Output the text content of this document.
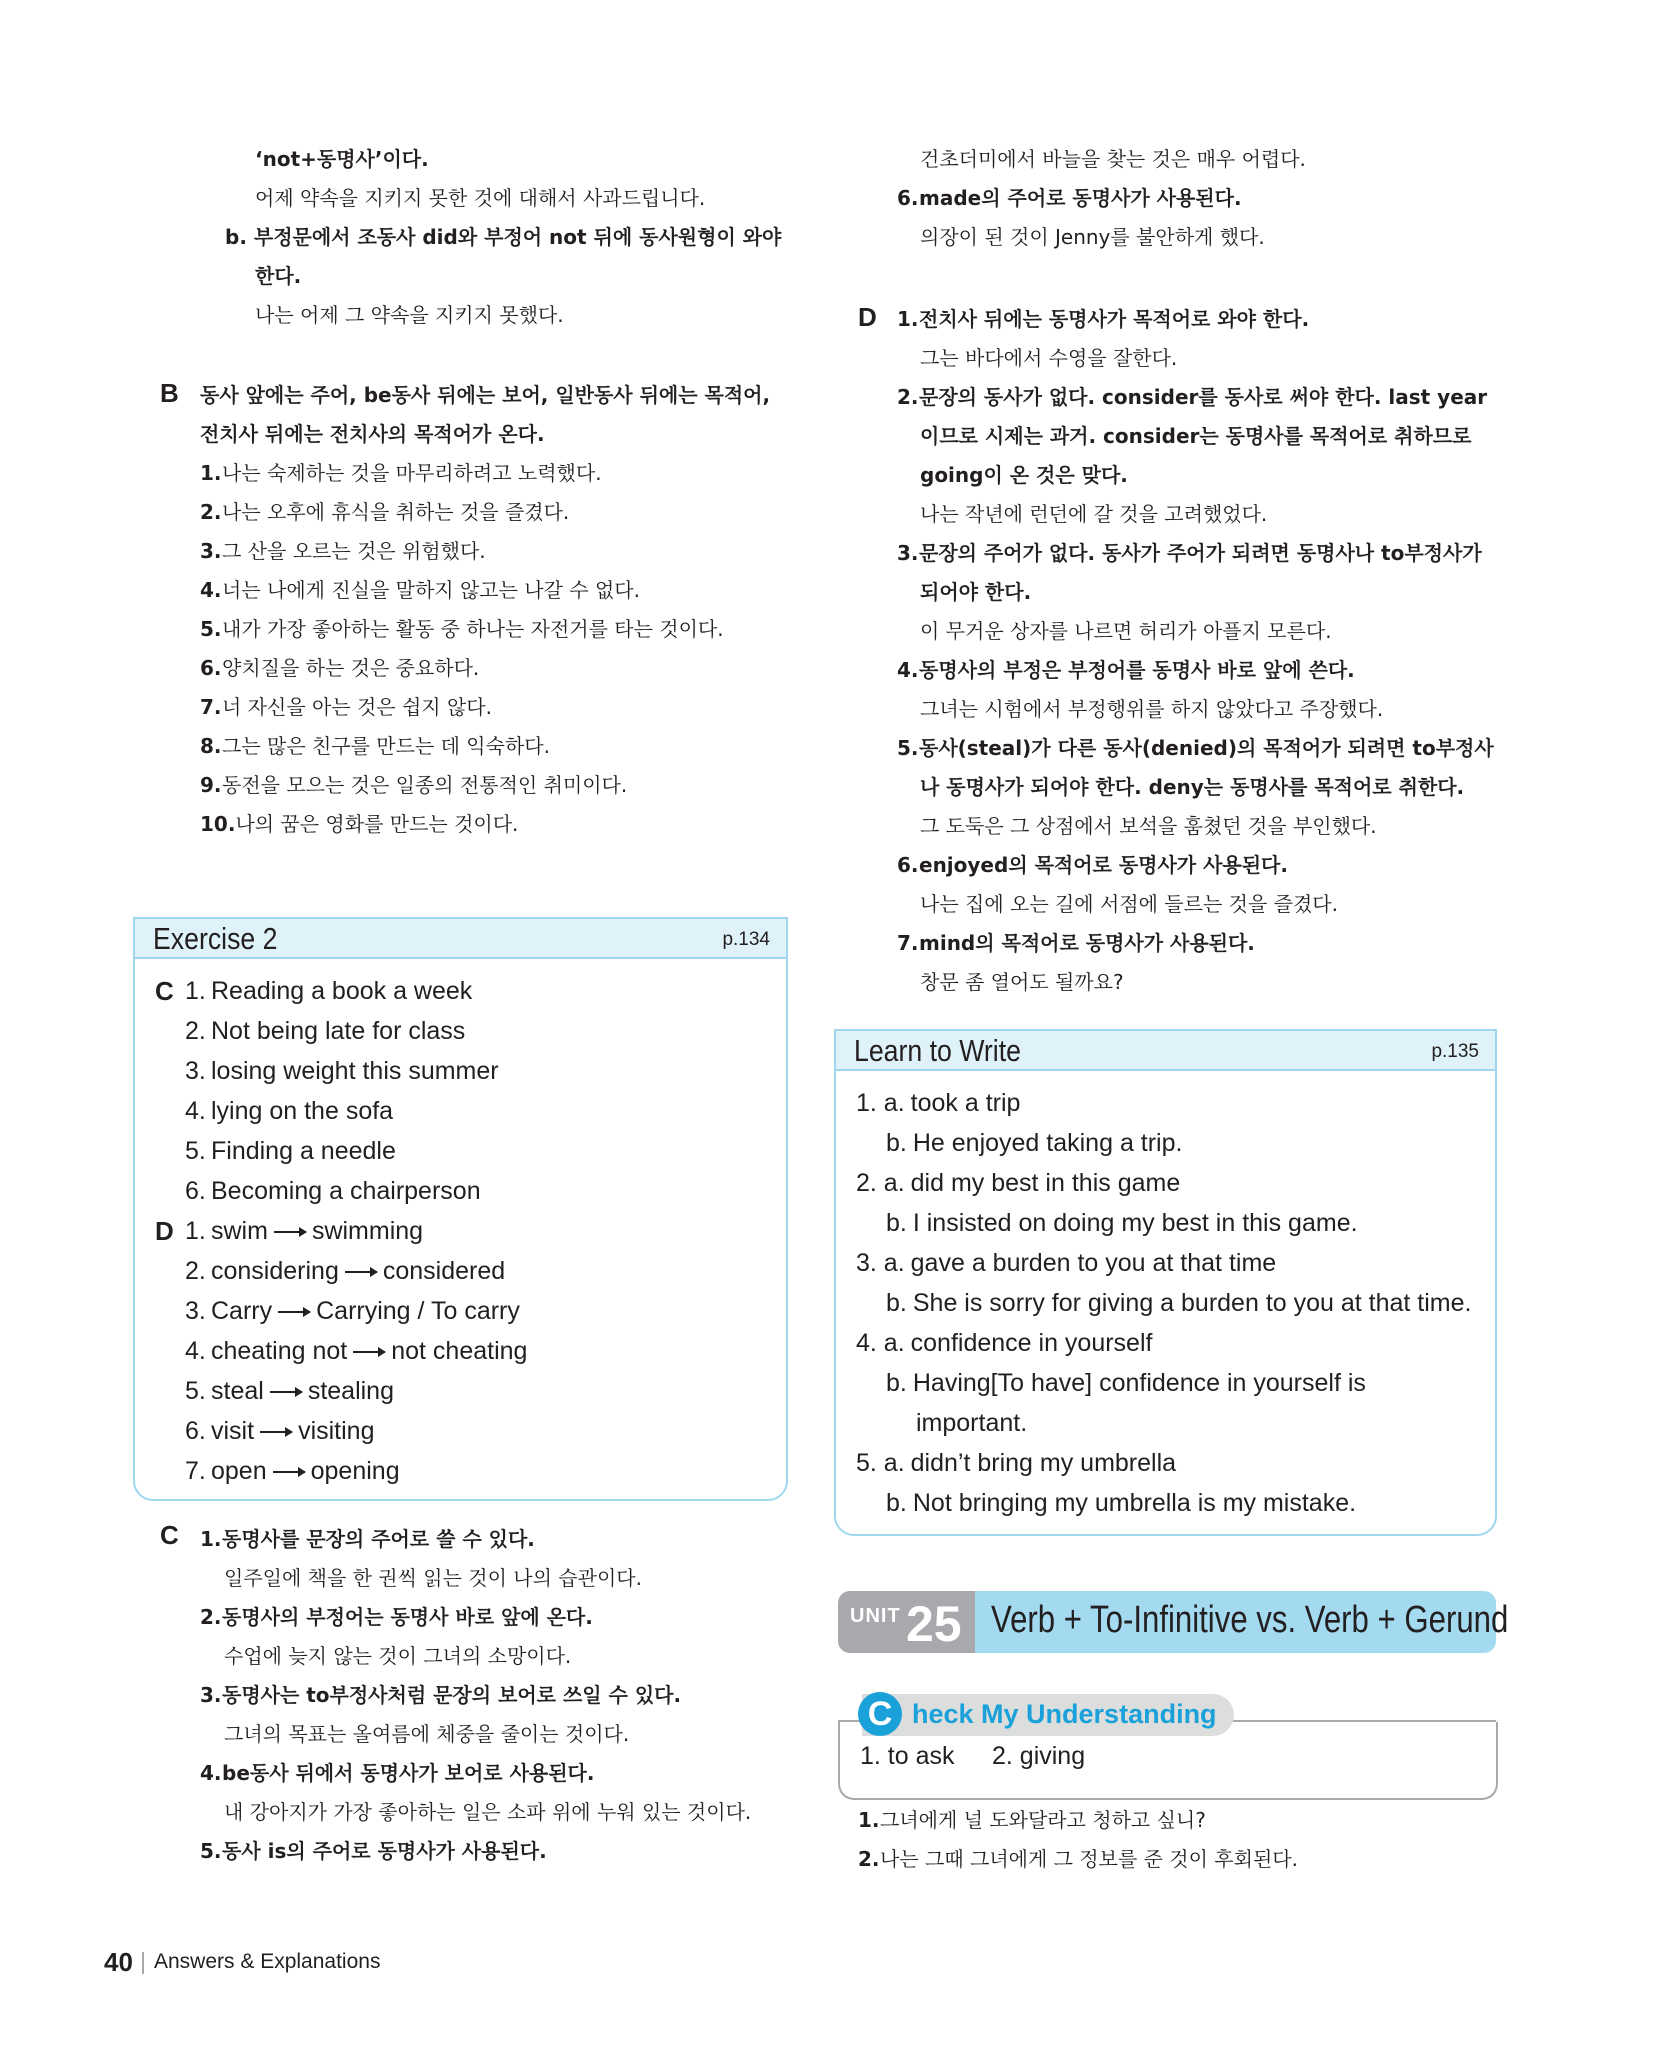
‘not+동명사’이다.
어제 약속을 지키지 못한 것에 대해서 사과드립니다.
b. 부정문에서 조동사 did와 부정어 not 뒤에 동사원형이 와야
한다.
나는 어제 그 약속을 지키지 못했다.
B	동사 앞에는 주어, be동사 뒤에는 보어, 일반동사 뒤에는 목적어,
전치사 뒤에는 전치사의 목적어가 온다.
1.나는 숙제하는 것을 마무리하려고 노력했다.
2.나는 오후에 휴식을 취하는 것을 즐겼다.
3.그 산을 오르는 것은 위험했다.
4.너는 나에게 진실을 말하지 않고는 나갈 수 없다.
5.내가 가장 좋아하는 활동 중 하나는 자전거를 타는 것이다.
6.양치질을 하는 것은 중요하다.
7.너 자신을 아는 것은 쉽지 않다.
8.그는 많은 친구를 만드는 데 익숙하다.
9.동전을 모으는 것은 일종의 전통적인 취미이다.
10.나의 꿈은 영화를 만드는 것이다.
Exercise 2	p.134
C 1. Reading a book a week
2. Not being late for class
3. losing weight this summer
4. lying on the sofa
5. Finding a needle
6. Becoming a chairperson
D 1. swim swimming
2. considering considered
3. Carry Carrying / To carry
4. cheating not not cheating
5. steal stealing
6. visit visiting
7. open opening
C	1.동명사를 문장의 주어로 쓸 수 있다.
일주일에 책을 한 권씩 읽는 것이 나의 습관이다.
2.동명사의 부정어는 동명사 바로 앞에 온다.
수업에 늦지 않는 것이 그녀의 소망이다.
3.동명사는 to부정사처럼 문장의 보어로 쓰일 수 있다.
그녀의 목표는 올여름에 체중을 줄이는 것이다.
4.be동사 뒤에서 동명사가 보어로 사용된다.
내 강아지가 가장 좋아하는 일은 소파 위에 누워 있는 것이다.
5.동사 is의 주어로 동명사가 사용된다.
건초더미에서 바늘을 찾는 것은 매우 어렵다.
6.made의 주어로 동명사가 사용된다.
의장이 된 것이 Jenny를 불안하게 했다.
D	1.전치사 뒤에는 동명사가 목적어로 와야 한다.
그는 바다에서 수영을 잘한다.
2.문장의 동사가 없다. consider를 동사로 써야 한다. last year
이므로 시제는 과거. consider는 동명사를 목적어로 취하므로
going이 온 것은 맞다.
나는 작년에 런던에 갈 것을 고려했었다.
3.문장의 주어가 없다. 동사가 주어가 되려면 동명사나 to부정사가
되어야 한다.
이 무거운 상자를 나르면 허리가 아플지 모른다.
4.동명사의 부정은 부정어를 동명사 바로 앞에 쓴다.
그녀는 시험에서 부정행위를 하지 않았다고 주장했다.
5.동사(steal)가 다른 동사(denied)의 목적어가 되려면 to부정사
나 동명사가 되어야 한다. deny는 동명사를 목적어로 취한다.
그 도둑은 그 상점에서 보석을 훔쳤던 것을 부인했다.
6.enjoyed의 목적어로 동명사가 사용된다.
나는 집에 오는 길에 서점에 들르는 것을 즐겼다.
7.mind의 목적어로 동명사가 사용된다.
창문 좀 열어도 될까요?
Learn to Write	p.135
1. a. took a trip
b. He enjoyed taking a trip.
2. a. did my best in this game
b. I insisted on doing my best in this game.
3. a. gave a burden to you at that time
b. She is sorry for giving a burden to you at that time.
4. a. confidence in yourself
b. Having[To have] confidence in yourself is
important.
5. a. didn’t bring my umbrella
b. Not bringing my umbrella is my mistake.
UNIT 25 Verb + To-Infinitive vs. Verb + Gerund
C heck My Understanding
1. to ask 2. giving
1.그녀에게 널 도와달라고 청하고 싶니?
2.나는 그때 그녀에게 그 정보를 준 것이 후회된다.
40 Answers & Explanations
